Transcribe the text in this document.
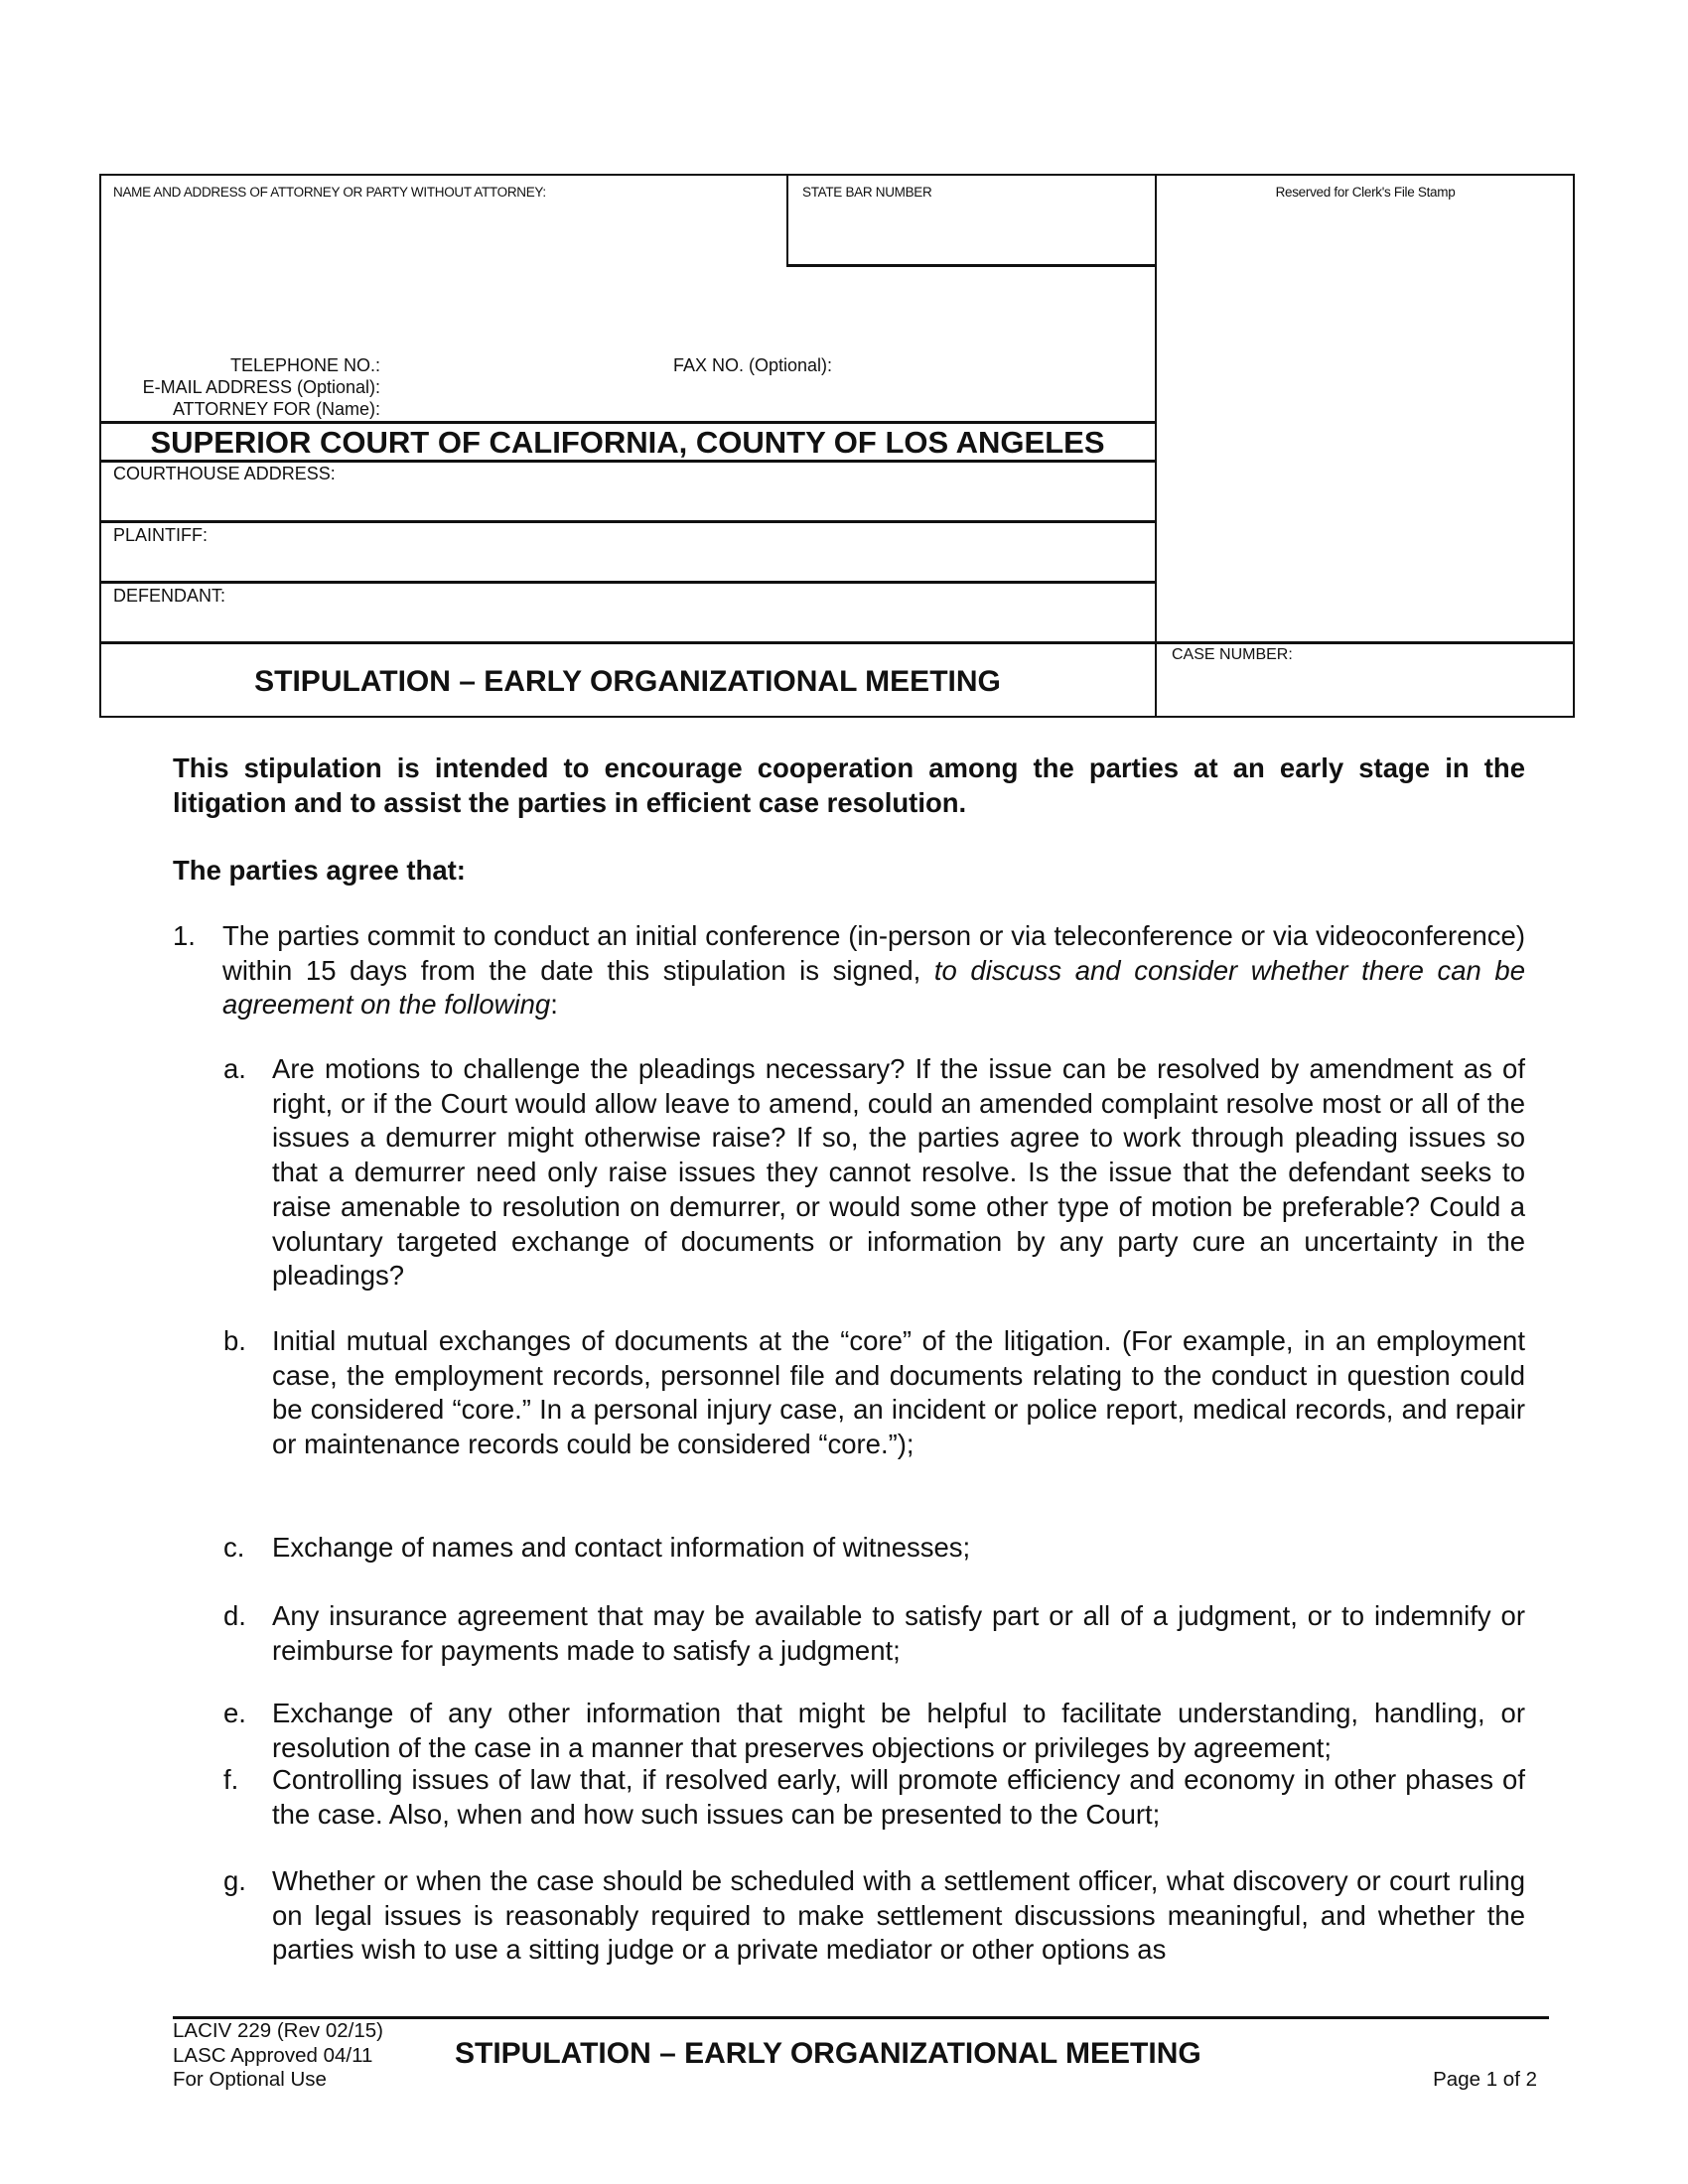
NAME AND ADDRESS OF ATTORNEY OR PARTY WITHOUT ATTORNEY:	STATE BAR NUMBER	Reserved for Clerk's File Stamp
TELEPHONE NO.:
E-MAIL ADDRESS (Optional):
ATTORNEY FOR (Name):
FAX NO. (Optional):
SUPERIOR COURT OF CALIFORNIA, COUNTY OF LOS ANGELES
COURTHOUSE ADDRESS:
PLAINTIFF:
DEFENDANT:
STIPULATION – EARLY ORGANIZATIONAL MEETING
CASE NUMBER:
This stipulation is intended to encourage cooperation among the parties at an early stage in the litigation and to assist the parties in efficient case resolution.
The parties agree that:
1. The parties commit to conduct an initial conference (in-person or via teleconference or via videoconference) within 15 days from the date this stipulation is signed, to discuss and consider whether there can be agreement on the following:
a. Are motions to challenge the pleadings necessary? If the issue can be resolved by amendment as of right, or if the Court would allow leave to amend, could an amended complaint resolve most or all of the issues a demurrer might otherwise raise? If so, the parties agree to work through pleading issues so that a demurrer need only raise issues they cannot resolve. Is the issue that the defendant seeks to raise amenable to resolution on demurrer, or would some other type of motion be preferable? Could a voluntary targeted exchange of documents or information by any party cure an uncertainty in the pleadings?
b. Initial mutual exchanges of documents at the “core” of the litigation. (For example, in an employment case, the employment records, personnel file and documents relating to the conduct in question could be considered “core.” In a personal injury case, an incident or police report, medical records, and repair or maintenance records could be considered “core.”);
c. Exchange of names and contact information of witnesses;
d. Any insurance agreement that may be available to satisfy part or all of a judgment, or to indemnify or reimburse for payments made to satisfy a judgment;
e. Exchange of any other information that might be helpful to facilitate understanding, handling, or resolution of the case in a manner that preserves objections or privileges by agreement;
f. Controlling issues of law that, if resolved early, will promote efficiency and economy in other phases of the case. Also, when and how such issues can be presented to the Court;
g. Whether or when the case should be scheduled with a settlement officer, what discovery or court ruling on legal issues is reasonably required to make settlement discussions meaningful, and whether the parties wish to use a sitting judge or a private mediator or other options as
LACIV 229 (Rev 02/15)
LASC Approved 04/11
For Optional Use
STIPULATION – EARLY ORGANIZATIONAL MEETING
Page 1 of 2
